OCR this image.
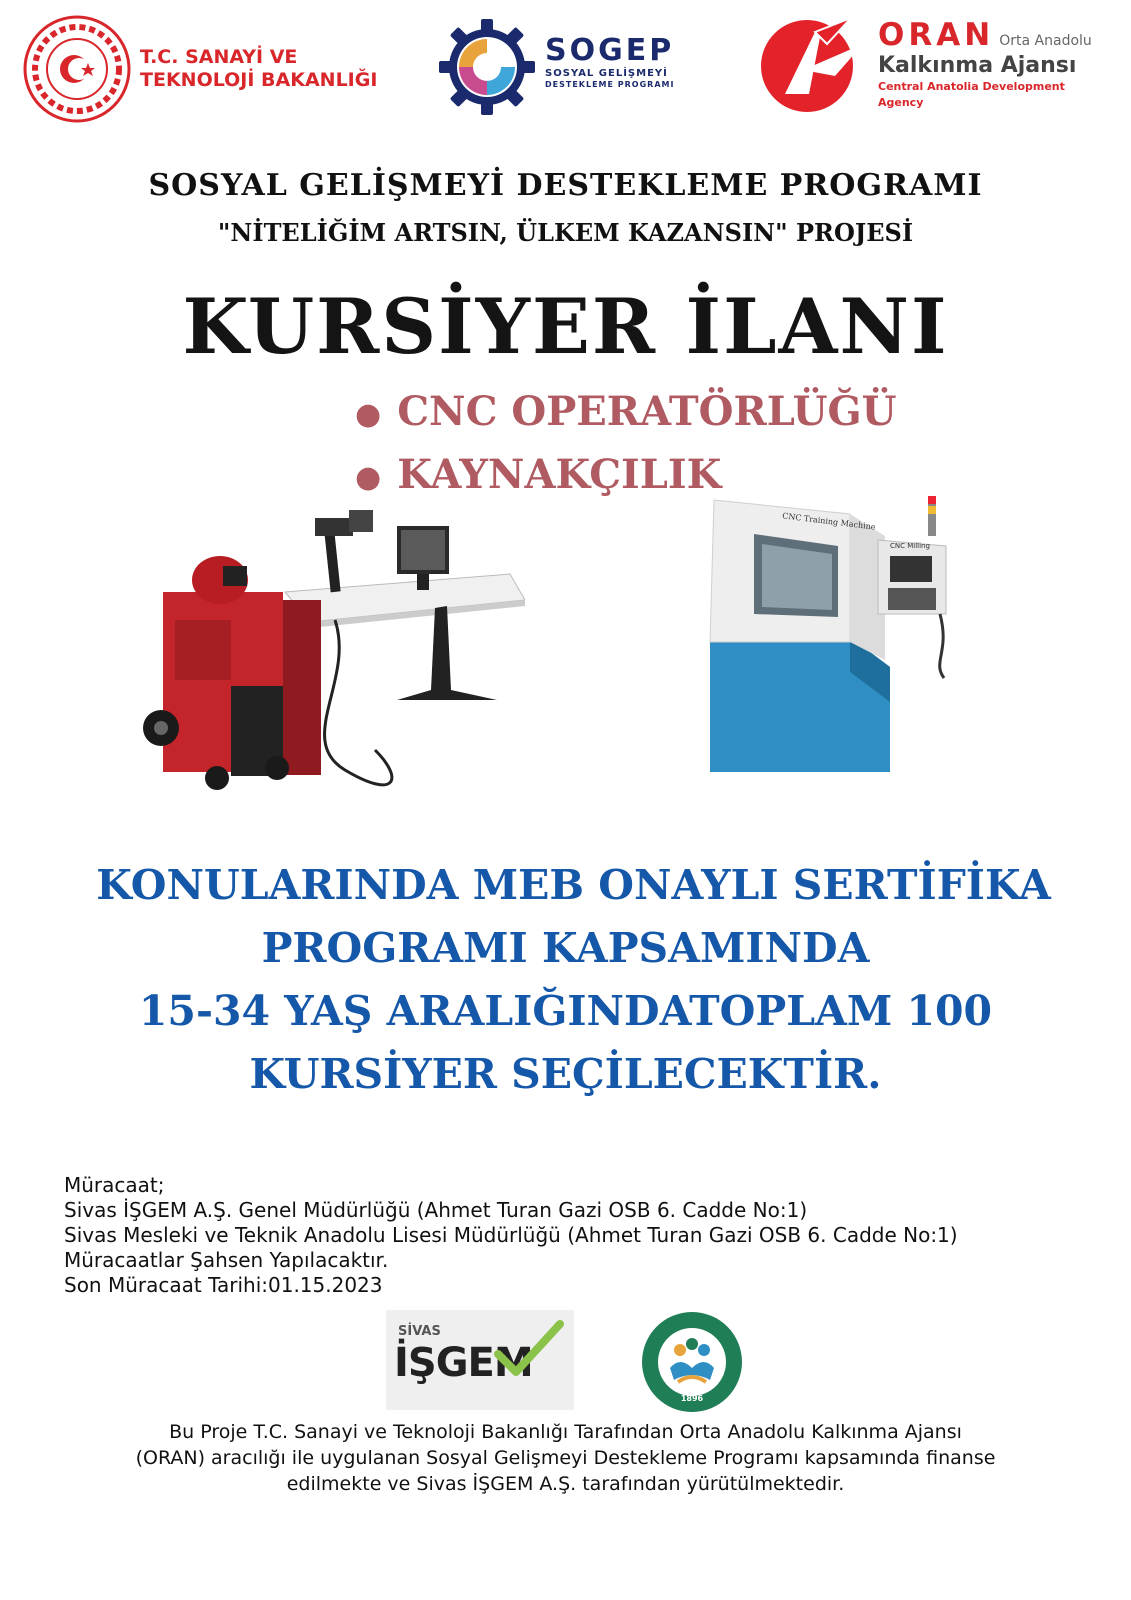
T.C. SANAYİ VE
TEKNOLOJİ BAKANLIĞI
SOGEP
SOSYAL GELİŞMEYİ
DESTEKLEME PROGRAMI
ORAN Orta Anadolu
Kalkınma Ajansı
Central Anatolia Development Agency
SOSYAL GELİŞMEYİ DESTEKLEME PROGRAMI
"NİTELİĞİM ARTSIN, ÜLKEM KAZANSIN" PROJESİ
KURSİYER İLANI
● CNC OPERATÖRLÜĞÜ
● KAYNAKÇILIK
CNC Training Machine
CNC Milling
KONULARINDA MEB ONAYLI SERTİFİKA
PROGRAMI KAPSAMINDA
15-34 YAŞ ARALIĞINDATOPLAM 100
KURSİYER SEÇİLECEKTİR.
Müracaat;
Sivas İŞGEM A.Ş. Genel Müdürlüğü (Ahmet Turan Gazi OSB 6. Cadde No:1)
Sivas Mesleki ve Teknik Anadolu Lisesi Müdürlüğü (Ahmet Turan Gazi OSB 6. Cadde No:1)
Müracaatlar Şahsen Yapılacaktır.
Son Müracaat Tarihi:01.15.2023
SİVAS
İŞGEM
1896
Bu Proje T.C. Sanayi ve Teknoloji Bakanlığı Tarafından Orta Anadolu Kalkınma Ajansı
(ORAN) aracılığı ile uygulanan Sosyal Gelişmeyi Destekleme Programı kapsamında finanse
edilmekte ve Sivas İŞGEM A.Ş. tarafından yürütülmektedir.
